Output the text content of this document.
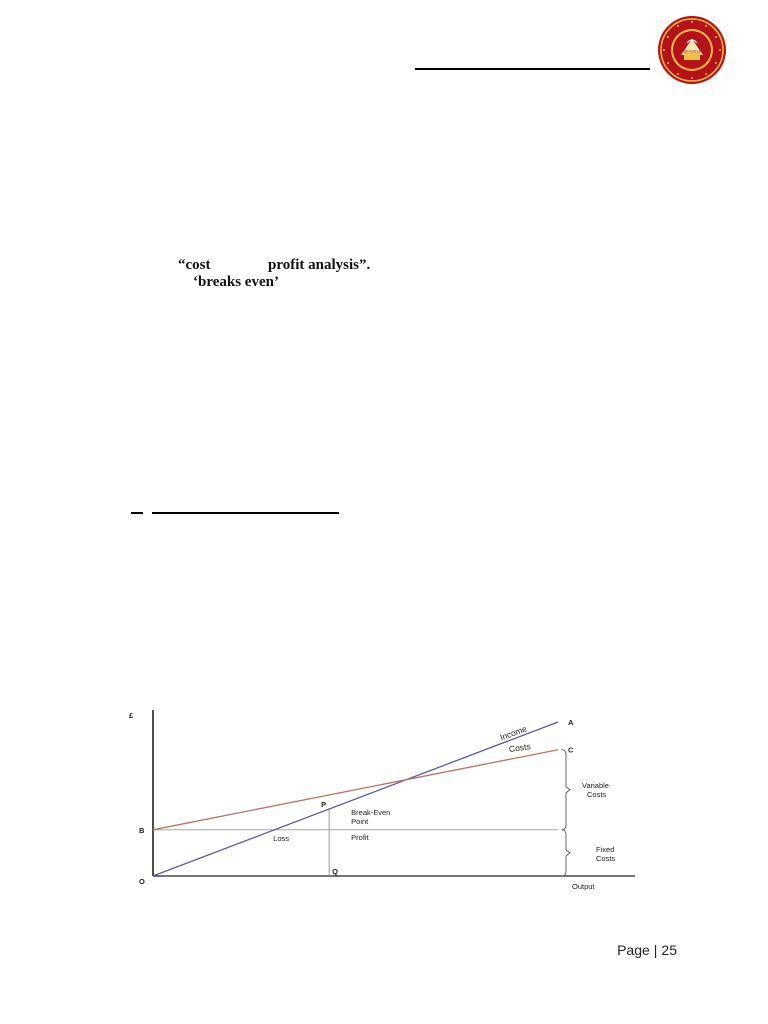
DHVSU
“cost	profit analysis”.
‘breaks even’
Income
Costs
£
O
B
A
C
P
Q
Output
Break-Even
Point
Loss	Profit
Variable
Costs
Fixed
Costs
Page | 25
